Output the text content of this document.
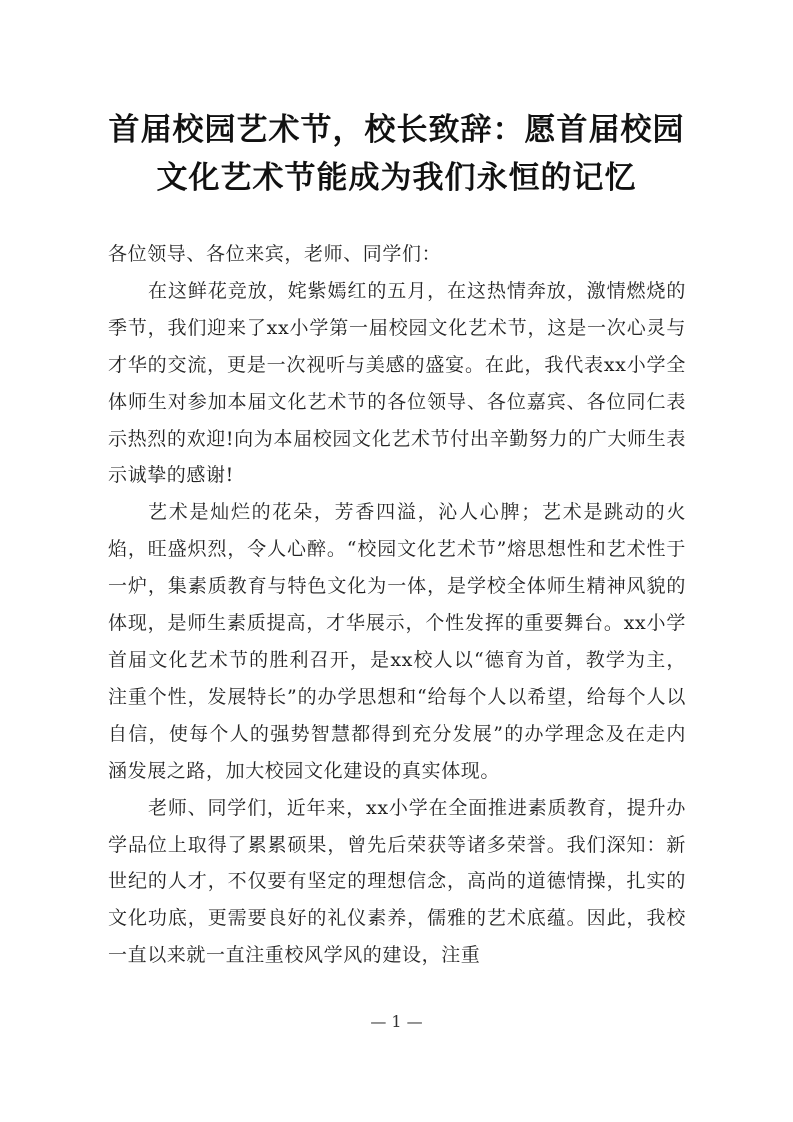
首届校园艺术节，校长致辞：愿首届校园
文化艺术节能成为我们永恒的记忆

各位领导、各位来宾，老师、同学们：

在这鲜花竞放，姹紫嫣红的五月，在这热情奔放，激情燃烧的季节，我们迎来了xx小学第一届校园文化艺术节，这是一次心灵与才华的交流，更是一次视听与美感的盛宴。在此，我代表xx小学全体师生对参加本届文化艺术节的各位领导、各位嘉宾、各位同仁表示热烈的欢迎!向为本届校园文化艺术节付出辛勤努力的广大师生表示诚挚的感谢!

艺术是灿烂的花朵，芳香四溢，沁人心脾；艺术是跳动的火焰，旺盛炽烈，令人心醉。“校园文化艺术节”熔思想性和艺术性于一炉，集素质教育与特色文化为一体，是学校全体师生精神风貌的体现，是师生素质提高，才华展示，个性发挥的重要舞台。xx小学首届文化艺术节的胜利召开，是xx校人以“德育为首，教学为主，注重个性，发展特长”的办学思想和“给每个人以希望，给每个人以自信，使每个人的强势智慧都得到充分发展”的办学理念及在走内涵发展之路，加大校园文化建设的真实体现。

老师、同学们，近年来，xx小学在全面推进素质教育，提升办学品位上取得了累累硕果，曾先后荣获等诸多荣誉。我们深知：新世纪的人才，不仅要有坚定的理想信念，高尚的道德情操，扎实的文化功底，更需要良好的礼仪素养，儒雅的艺术底蕴。因此，我校一直以来就一直注重校风学风的建设，注重

— 1 —
